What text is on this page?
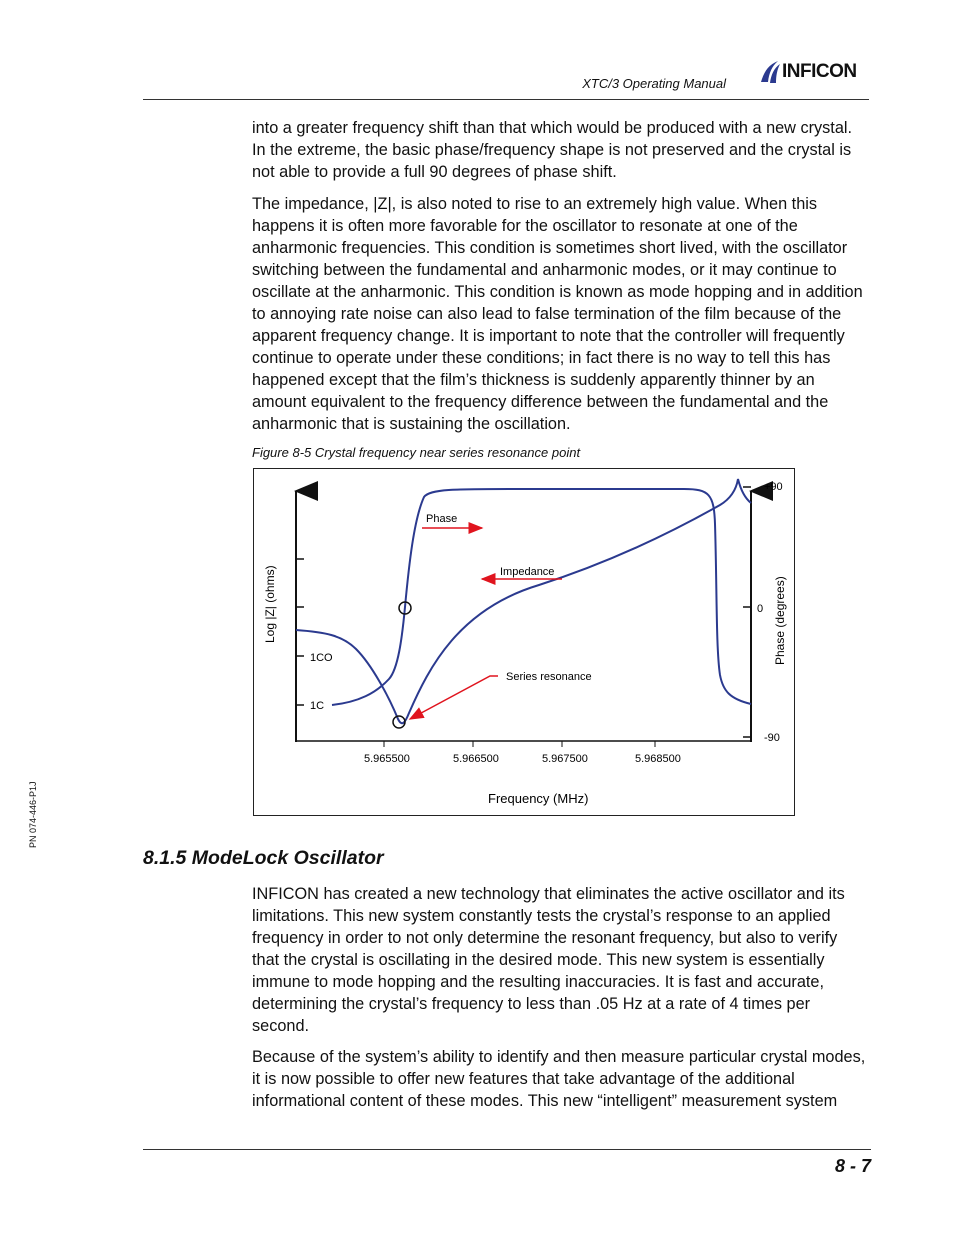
XTC/3 Operating Manual
INFICON

into a greater frequency shift than that which would be produced with a new crystal. In the extreme, the basic phase/frequency shape is not preserved and the crystal is not able to provide a full 90 degrees of phase shift.

The impedance, |Z|, is also noted to rise to an extremely high value. When this happens it is often more favorable for the oscillator to resonate at one of the anharmonic frequencies. This condition is sometimes short lived, with the oscillator switching between the fundamental and anharmonic modes, or it may continue to oscillate at the anharmonic. This condition is known as mode hopping and in addition to annoying rate noise can also lead to false termination of the film because of the apparent frequency change. It is important to note that the controller will frequently continue to operate under these conditions; in fact there is no way to tell this has happened except that the film’s thickness is suddenly apparently thinner by an amount equivalent to the frequency difference between the fundamental and the anharmonic that is sustaining the oscillation.

Figure 8-5 Crystal frequency near series resonance point
1CO
1C
+90
0
-90
5.965500	5.966500	5.967500	5.968500
Frequency (MHz)
Log |Z| (ohms)	Phase (degrees)
Phase
Impedance
Series resonance
8.1.5 ModeLock Oscillator

INFICON has created a new technology that eliminates the active oscillator and its limitations. This new system constantly tests the crystal’s response to an applied frequency in order to not only determine the resonant frequency, but also to verify that the crystal is oscillating in the desired mode. This new system is essentially immune to mode hopping and the resulting inaccuracies. It is fast and accurate, determining the crystal’s frequency to less than .05 Hz at a rate of 4 times per second.

Because of the system’s ability to identify and then measure particular crystal modes, it is now possible to offer new features that take advantage of the additional informational content of these modes. This new “intelligent” measurement system

PN 074-446-P1J
8 - 7
